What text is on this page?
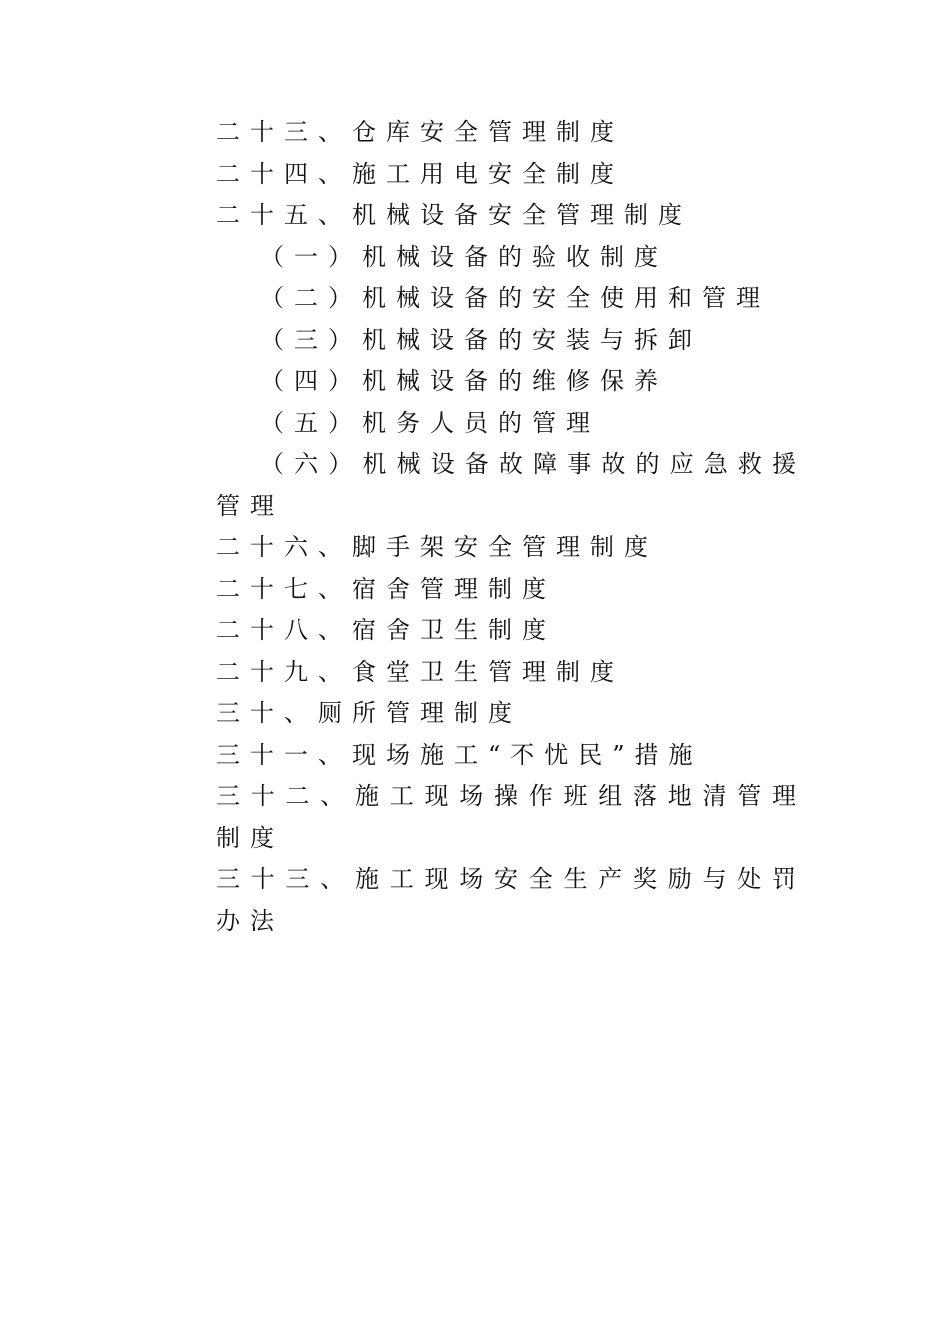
二十三、仓库安全管理制度
二十四、施工用电安全制度
二十五、机械设备安全管理制度
（一）机械设备的验收制度
（二）机械设备的安全使用和管理
（三）机械设备的安装与拆卸
（四）机械设备的维修保养
（五）机务人员的管理
（六）机械设备故障事故的应急救援管理
二十六、脚手架安全管理制度
二十七、宿舍管理制度
二十八、宿舍卫生制度
二十九、食堂卫生管理制度
三十、厕所管理制度
三十一、现场施工“不忧民”措施
三十二、施工现场操作班组落地清管理制度
三十三、施工现场安全生产奖励与处罚办法
